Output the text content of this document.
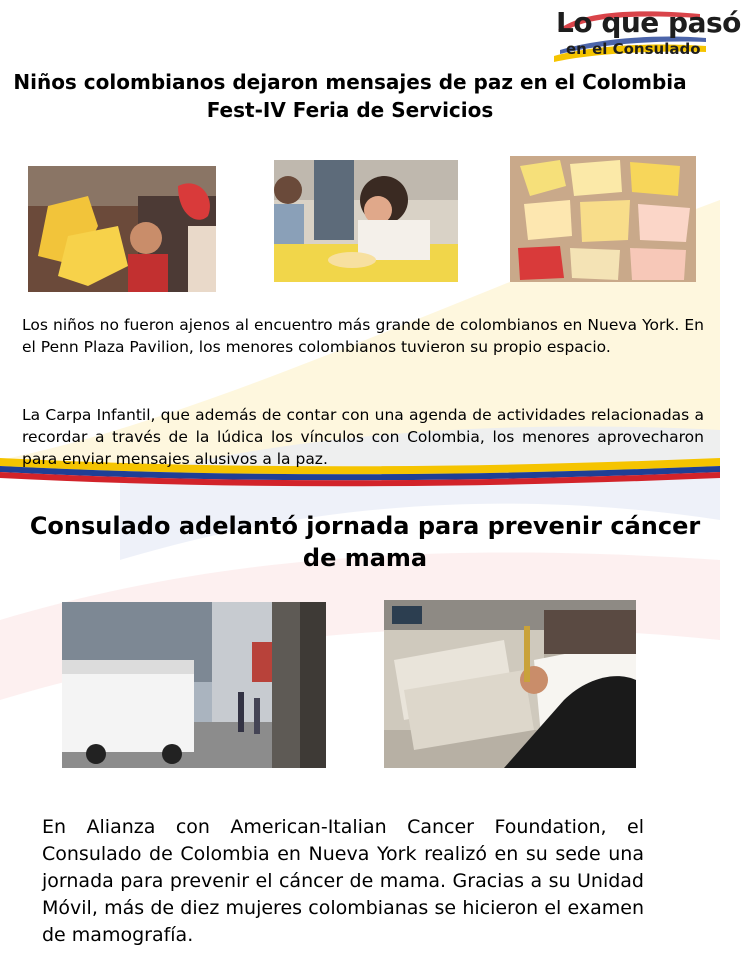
Lo que pasó
en el Consulado
Niños colombianos dejaron mensajes de paz en el Colombia Fest-IV Feria de Servicios
Los niños no fueron ajenos al encuentro más grande de colombianos en Nueva York. En el Penn Plaza Pavilion, los menores colombianos tuvieron su propio espacio.
La Carpa Infantil, que además de contar con una agenda de actividades relacionadas a recordar a través de la lúdica los vínculos con Colombia, los menores aprovecharon para enviar mensajes alusivos a la paz.
Consulado adelantó jornada para prevenir cáncer de mama
En Alianza con American-Italian Cancer Foundation, el Consulado de Colombia en Nueva York realizó en su sede una jornada para prevenir el cáncer de mama. Gracias a su Unidad Móvil, más de diez mujeres colombianas se hicieron el examen de mamografía.
